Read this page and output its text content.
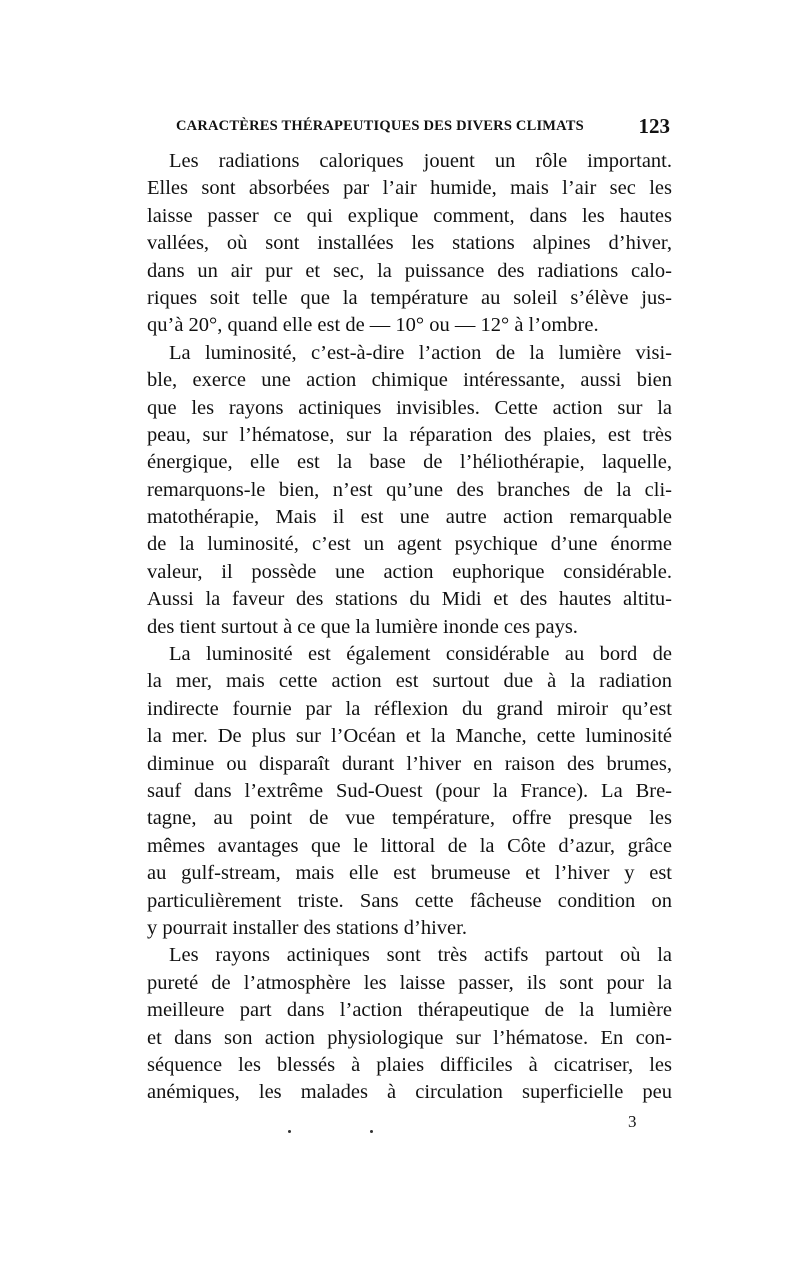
CARACTÈRES THÉRAPEUTIQUES DES DIVERS CLIMATS	123
Les radiations caloriques jouent un rôle important.
Elles sont absorbées par l’air humide, mais l’air sec les
laisse passer ce qui explique comment, dans les hautes
vallées, où sont installées les stations alpines d’hiver,
dans un air pur et sec, la puissance des radiations calo-
riques soit telle que la température au soleil s’élève jus-
qu’à 20°, quand elle est de — 10° ou — 12° à l’ombre.
La luminosité, c’est-à-dire l’action de la lumière visi-
ble, exerce une action chimique intéressante, aussi bien
que les rayons actiniques invisibles. Cette action sur la
peau, sur l’hématose, sur la réparation des plaies, est très
énergique, elle est la base de l’héliothérapie, laquelle,
remarquons-le bien, n’est qu’une des branches de la cli-
matothérapie, Mais il est une autre action remarquable
de la luminosité, c’est un agent psychique d’une énorme
valeur, il possède une action euphorique considérable.
Aussi la faveur des stations du Midi et des hautes altitu-
des tient surtout à ce que la lumière inonde ces pays.
La luminosité est également considérable au bord de
la mer, mais cette action est surtout due à la radiation
indirecte fournie par la réflexion du grand miroir qu’est
la mer. De plus sur l’Océan et la Manche, cette luminosité
diminue ou disparaît durant l’hiver en raison des brumes,
sauf dans l’extrême Sud-Ouest (pour la France). La Bre-
tagne, au point de vue température, offre presque les
mêmes avantages que le littoral de la Côte d’azur, grâce
au gulf-stream, mais elle est brumeuse et l’hiver y est
particulièrement triste. Sans cette fâcheuse condition on
y pourrait installer des stations d’hiver.
Les rayons actiniques sont très actifs partout où la
pureté de l’atmosphère les laisse passer, ils sont pour la
meilleure part dans l’action thérapeutique de la lumière
et dans son action physiologique sur l’hématose. En con-
séquence les blessés à plaies difficiles à cicatriser, les
anémiques, les malades à circulation superficielle peu
3
